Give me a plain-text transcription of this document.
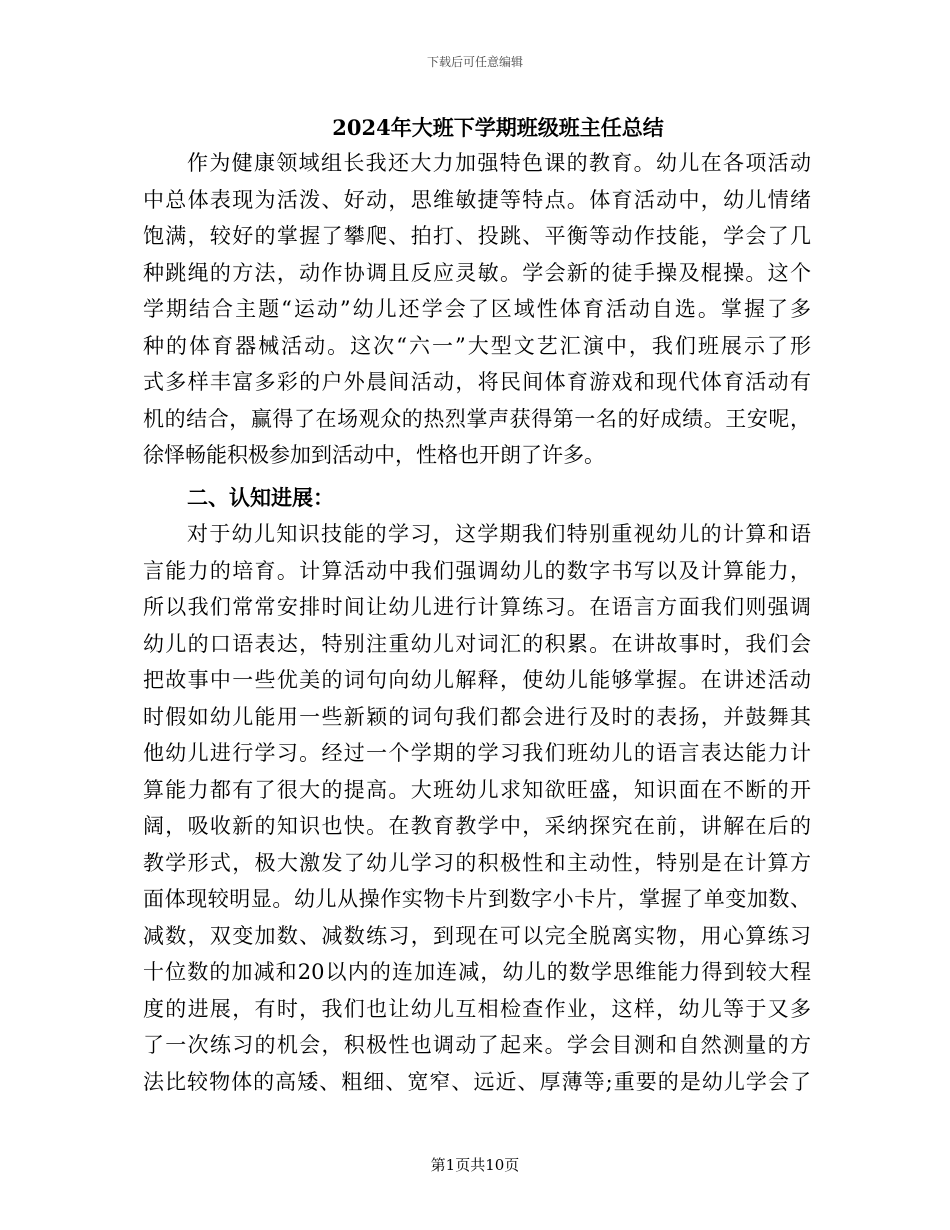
下载后可任意编辑
2024年大班下学期班级班主任总结
作为健康领域组长我还大力加强特色课的教育。幼儿在各项活动
中总体表现为活泼、好动，思维敏捷等特点。体育活动中，幼儿情绪
饱满，较好的掌握了攀爬、拍打、投跳、平衡等动作技能，学会了几
种跳绳的方法，动作协调且反应灵敏。学会新的徒手操及棍操。这个
学期结合主题“运动”幼儿还学会了区域性体育活动自选。掌握了多
种的体育器械活动。这次“六一”大型文艺汇演中，我们班展示了形
式多样丰富多彩的户外晨间活动，将民间体育游戏和现代体育活动有
机的结合，赢得了在场观众的热烈掌声获得第一名的好成绩。王安呢，
徐怿畅能积极参加到活动中，性格也开朗了许多。
二、认知进展：
对于幼儿知识技能的学习，这学期我们特别重视幼儿的计算和语
言能力的培育。计算活动中我们强调幼儿的数字书写以及计算能力，
所以我们常常安排时间让幼儿进行计算练习。在语言方面我们则强调
幼儿的口语表达，特别注重幼儿对词汇的积累。在讲故事时，我们会
把故事中一些优美的词句向幼儿解释，使幼儿能够掌握。在讲述活动
时假如幼儿能用一些新颖的词句我们都会进行及时的表扬，并鼓舞其
他幼儿进行学习。经过一个学期的学习我们班幼儿的语言表达能力计
算能力都有了很大的提高。大班幼儿求知欲旺盛，知识面在不断的开
阔，吸收新的知识也快。在教育教学中，采纳探究在前，讲解在后的
教学形式，极大激发了幼儿学习的积极性和主动性，特别是在计算方
面体现较明显。幼儿从操作实物卡片到数字小卡片，掌握了单变加数、
减数，双变加数、减数练习，到现在可以完全脱离实物，用心算练习
十位数的加减和20以内的连加连减，幼儿的数学思维能力得到较大程
度的进展，有时，我们也让幼儿互相检查作业，这样，幼儿等于又多
了一次练习的机会，积极性也调动了起来。学会目测和自然测量的方
法比较物体的高矮、粗细、宽窄、远近、厚薄等;重要的是幼儿学会了
第1页共10页
